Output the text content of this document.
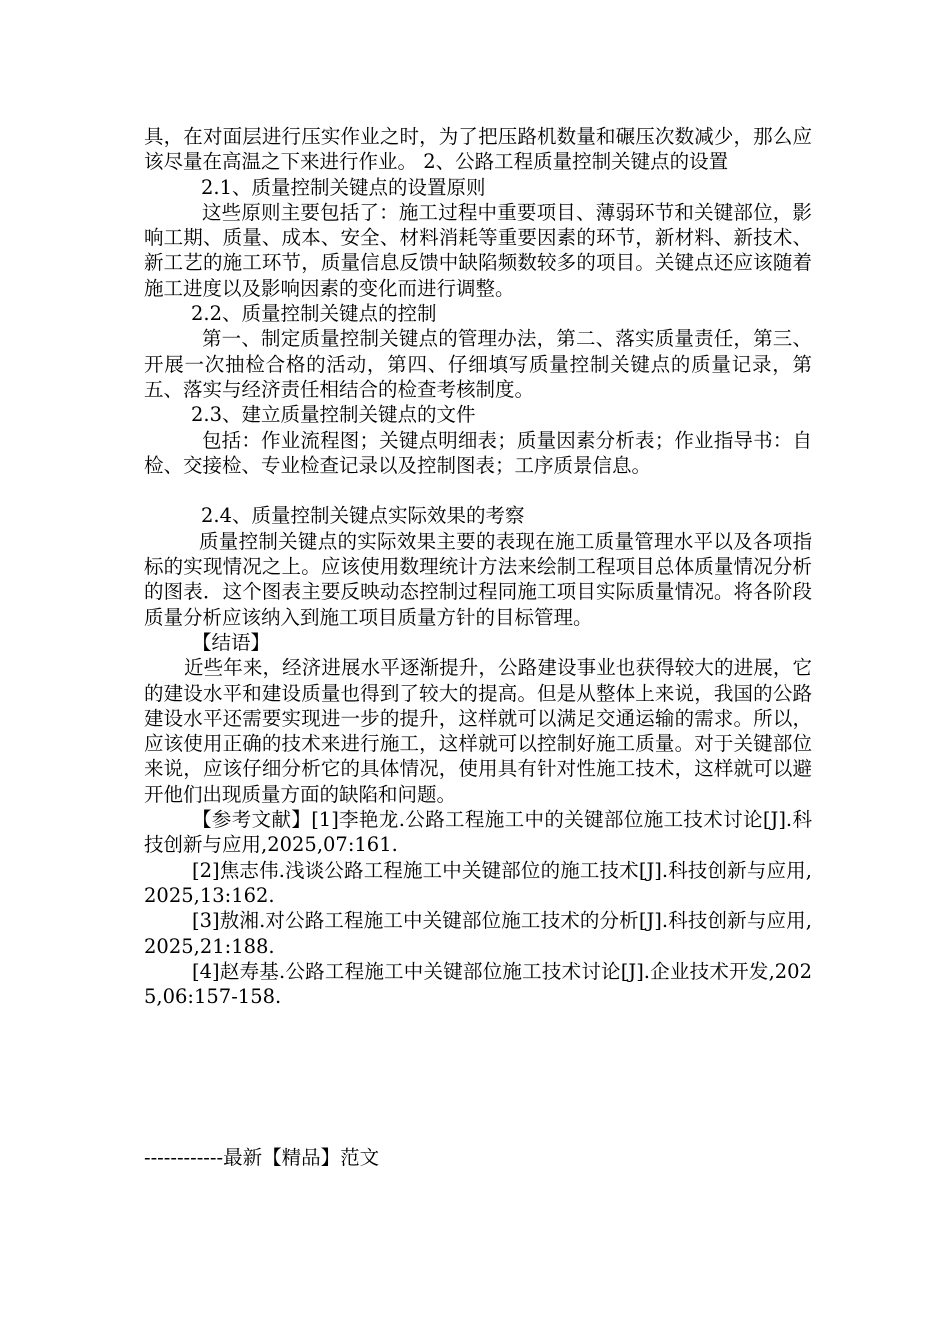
具，在对面层进行压实作业之时，为了把压路机数量和碾压次数减少，那么应该尽量在高温之下来进行作业。 2、公路工程质量控制关键点的设置

2.1、质量控制关键点的设置原则

这些原则主要包括了：施工过程中重要项目、薄弱环节和关键部位，影响工期、质量、成本、安全、材料消耗等重要因素的环节，新材料、新技术、新工艺的施工环节，质量信息反馈中缺陷频数较多的项目。关键点还应该随着施工进度以及影响因素的变化而进行调整。

2.2、质量控制关键点的控制

第一、制定质量控制关键点的管理办法，第二、落实质量责任，第三、开展一次抽检合格的活动，第四、仔细填写质量控制关键点的质量记录，第五、落实与经济责任相结合的检查考核制度。

2.3、建立质量控制关键点的文件

包括：作业流程图；关键点明细表；质量因素分析表；作业指导书：自检、交接检、专业检查记录以及控制图表；工序质景信息。

2.4、质量控制关键点实际效果的考察

质量控制关键点的实际效果主要的表现在施工质量管理水平以及各项指标的实现情况之上。应该使用数理统计方法来绘制工程项目总体质量情况分析的图表．这个图表主要反映动态控制过程同施工项目实际质量情况。将各阶段质量分析应该纳入到施工项目质量方针的目标管理。

【结语】

近些年来，经济进展水平逐渐提升，公路建设事业也获得较大的进展，它的建设水平和建设质量也得到了较大的提高。但是从整体上来说，我国的公路建设水平还需要实现进一步的提升，这样就可以满足交通运输的需求。所以，应该使用正确的技术来进行施工，这样就可以控制好施工质量。对于关键部位来说，应该仔细分析它的具体情况，使用具有针对性施工技术，这样就可以避开他们出现质量方面的缺陷和问题。

【参考文献】[1]李艳龙.公路工程施工中的关键部位施工技术讨论[J].科技创新与应用,2025,07:161.

[2]焦志伟.浅谈公路工程施工中关键部位的施工技术[J].科技创新与应用,2025,13:162.

[3]敖湘.对公路工程施工中关键部位施工技术的分析[J].科技创新与应用,2025,21:188.

[4]赵寿基.公路工程施工中关键部位施工技术讨论[J].企业技术开发,2025,06:157-158.

------------最新【精品】范文
